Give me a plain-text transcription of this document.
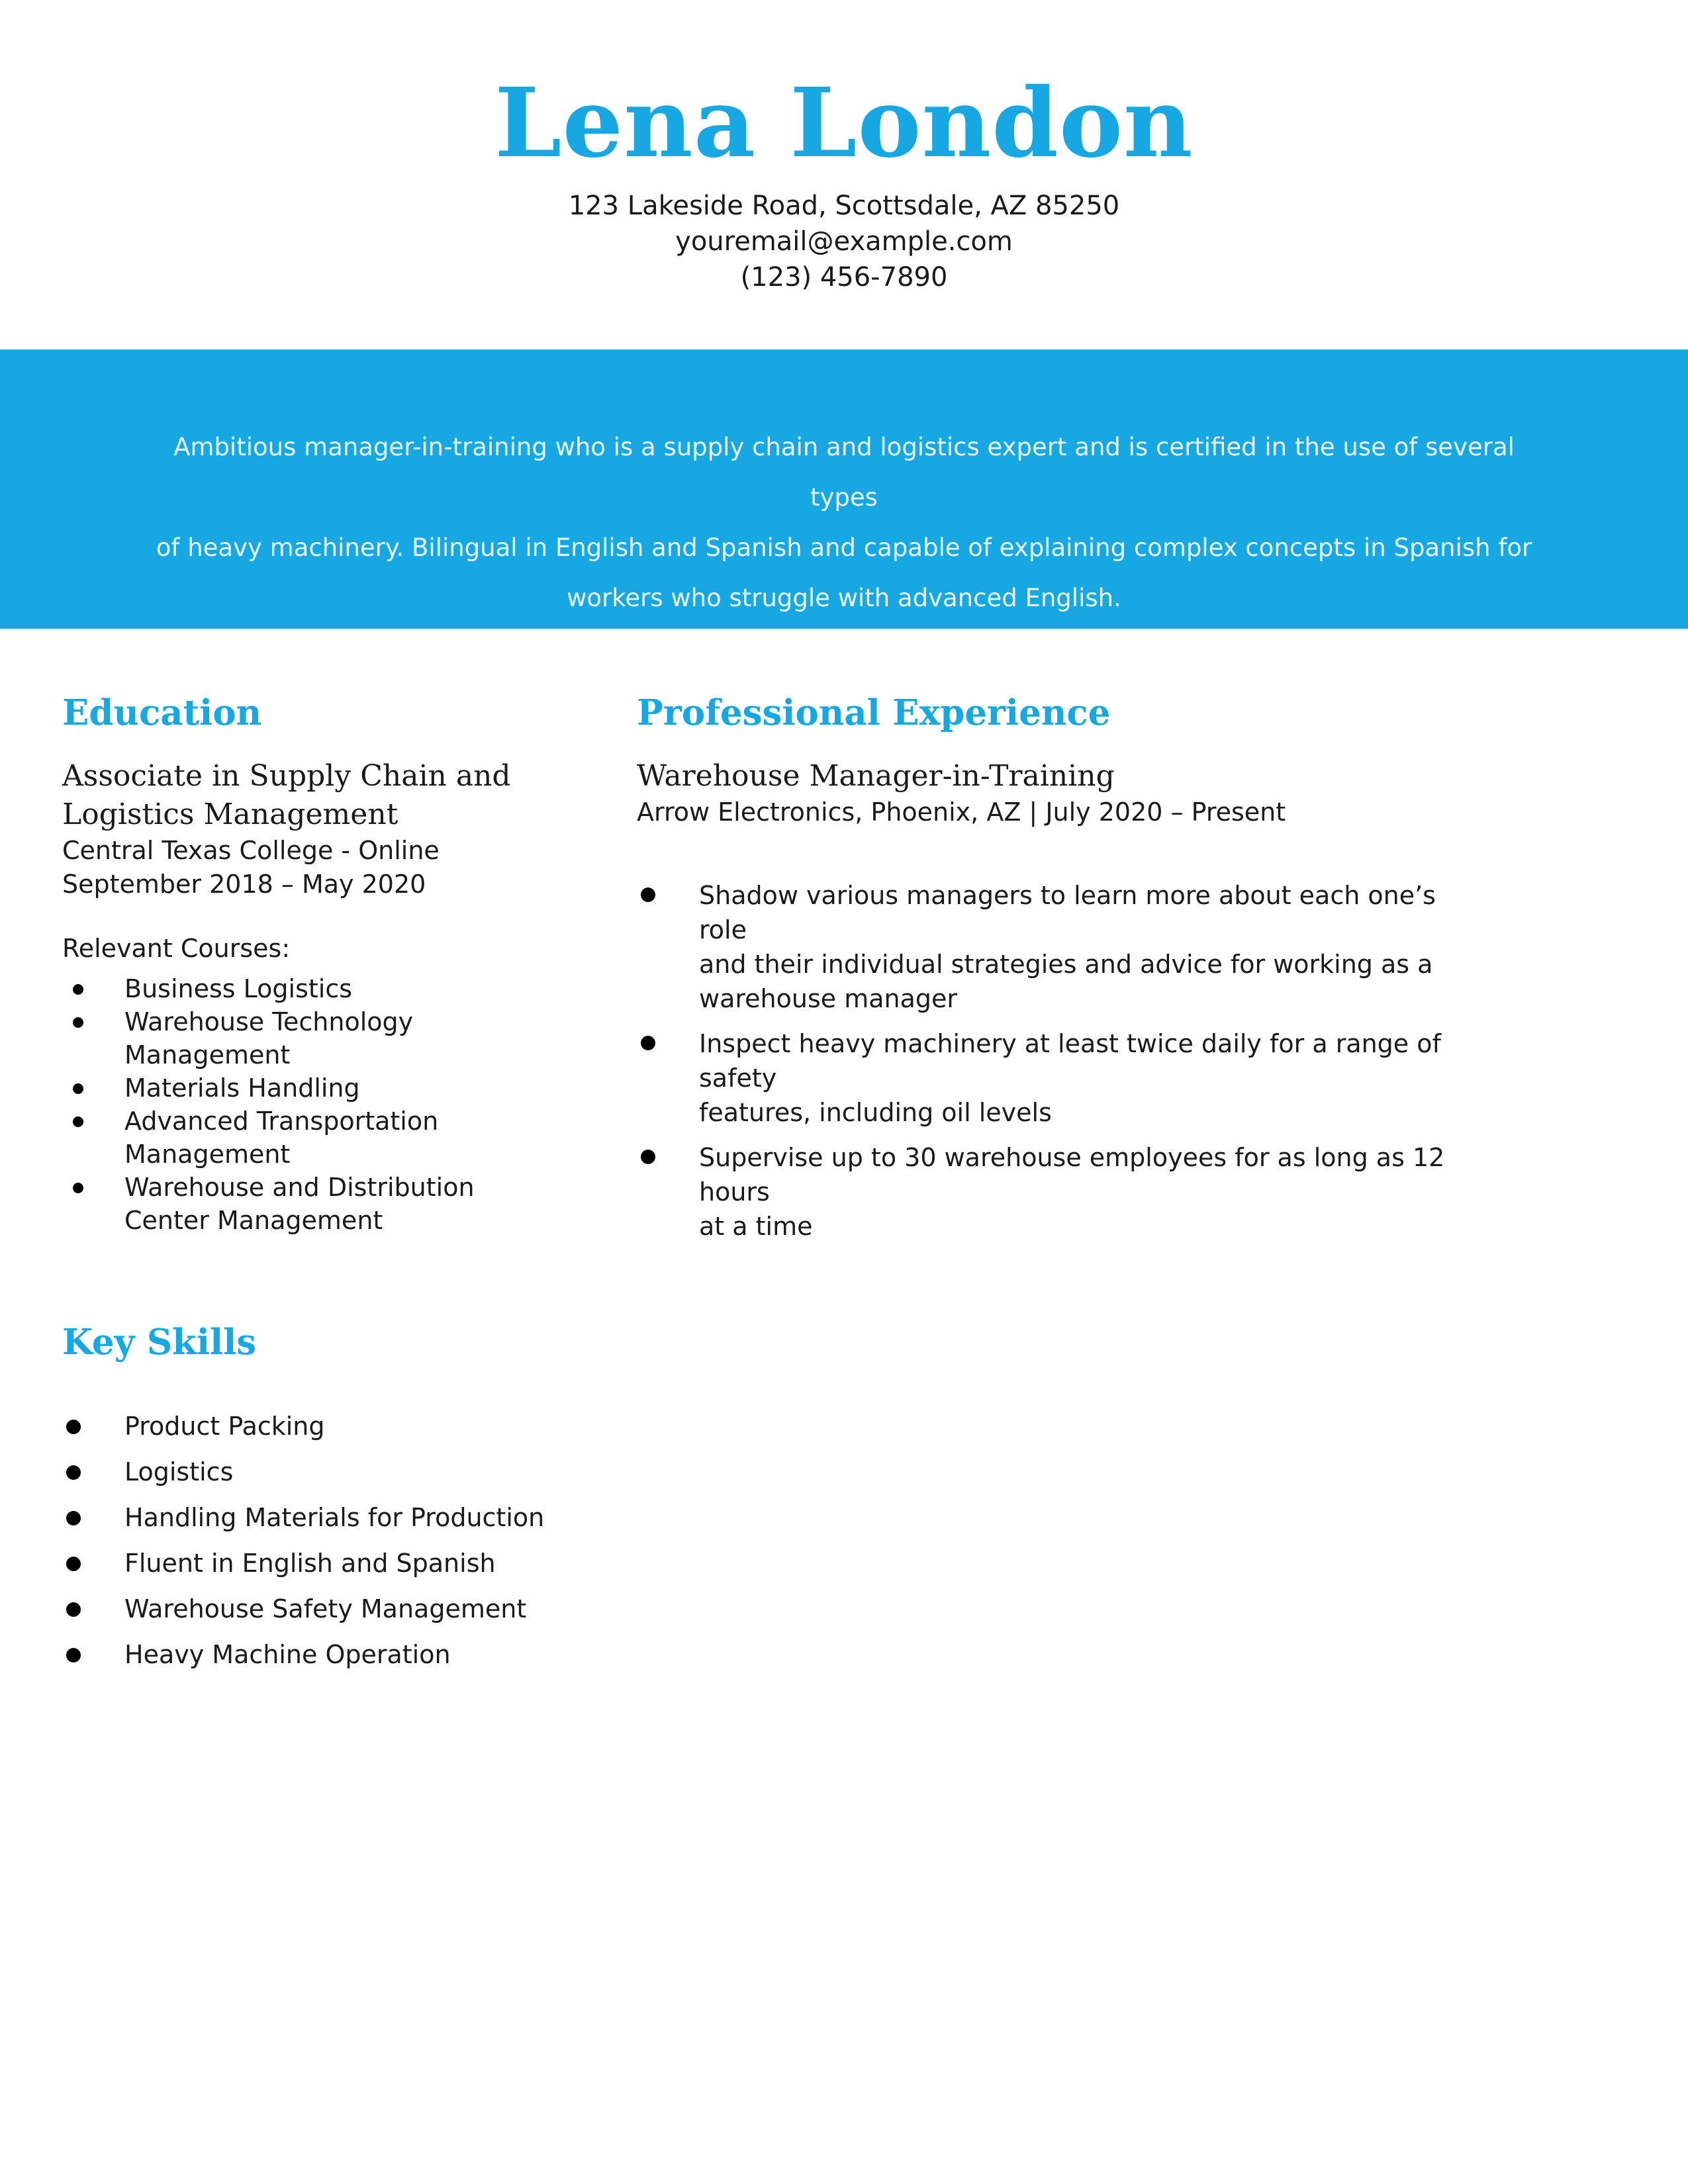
Lena London
123 Lakeside Road, Scottsdale, AZ 85250
youremail@example.com
(123) 456-7890
Ambitious manager-in-training who is a supply chain and logistics expert and is certified in the use of several types
of heavy machinery. Bilingual in English and Spanish and capable of explaining complex concepts in Spanish for
workers who struggle with advanced English.
Education
Associate in Supply Chain and
Logistics Management
Central Texas College - Online
September 2018 – May 2020
Relevant Courses:
Business Logistics
Warehouse Technology
Management
Materials Handling
Advanced Transportation
Management
Warehouse and Distribution
Center Management
Key Skills
Product Packing
Logistics
Handling Materials for Production
Fluent in English and Spanish
Warehouse Safety Management
Heavy Machine Operation
Professional Experience
Warehouse Manager-in-Training
Arrow Electronics, Phoenix, AZ | July 2020 – Present
Shadow various managers to learn more about each one’s role
and their individual strategies and advice for working as a
warehouse manager
Inspect heavy machinery at least twice daily for a range of safety
features, including oil levels
Supervise up to 30 warehouse employees for as long as 12 hours
at a time
